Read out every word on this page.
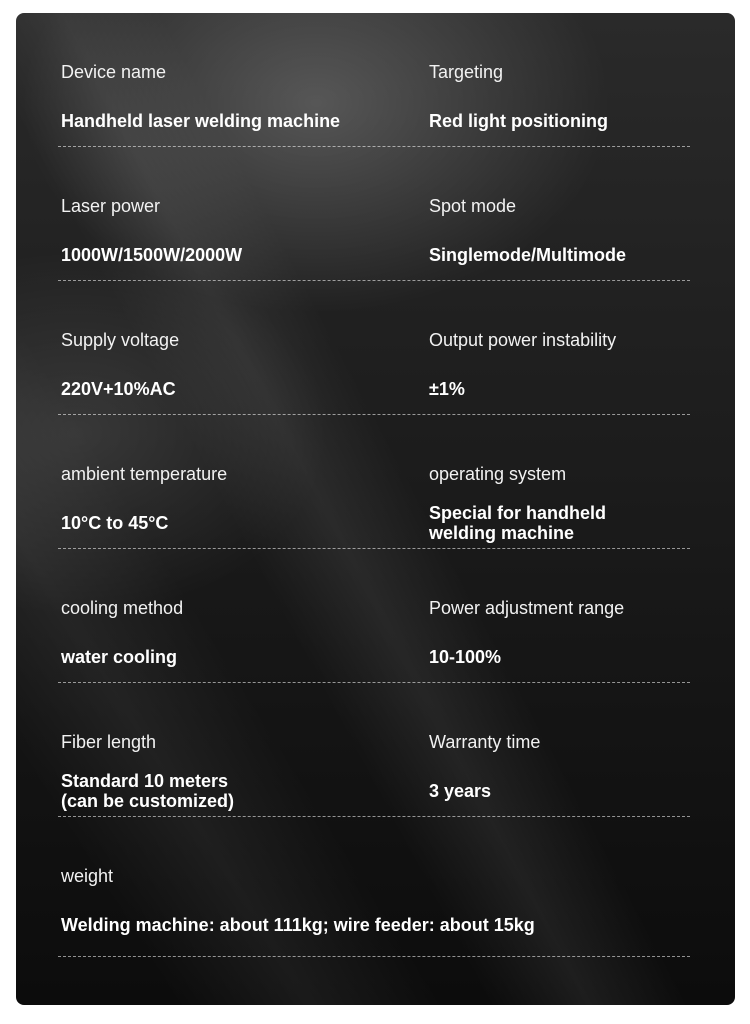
Device name
Handheld laser welding machine
Targeting
Red light positioning
Laser power
1000W/1500W/2000W
Spot mode
Singlemode/Multimode
Supply voltage
220V+10%AC
Output power instability
±1%
ambient temperature
10°C to 45°C
operating system
Special for handheld
welding machine
cooling method
water cooling
Power adjustment range
10-100%
Fiber length
Standard 10 meters
(can be customized)
Warranty time
3 years
weight
Welding machine: about 111kg; wire feeder: about 15kg
